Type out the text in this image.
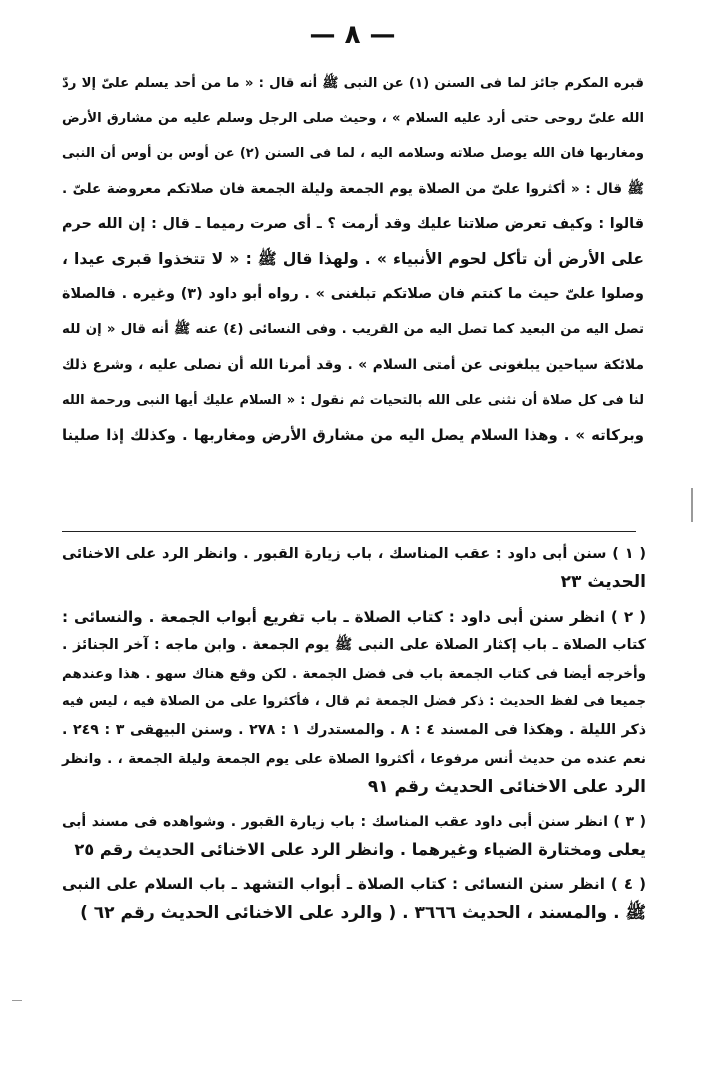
— ٨ —
قبره المكرم جائز لما فى السنن (١) عن النبى ﷺ أنه قال : « ما من أحد يسلم علىّ إلا ردّ
الله علىّ روحى حتى أرد عليه السلام » ، وحيث صلى الرجل وسلم عليه من مشارق الأرض
ومغاربها فان الله يوصل صلاته وسلامه اليه ، لما فى السنن (٢) عن أوس بن أوس أن النبى
ﷺ قال : « أكثروا علىّ من الصلاة يوم الجمعة وليلة الجمعة فان صلاتكم معروضة علىّ .
قالوا : وكيف تعرض صلاتنا عليك وقد أرمت ؟ ـ أى صرت رميما ـ قال : إن الله حرم
على الأرض أن تأكل لحوم الأنبياء » . ولهذا قال ﷺ : « لا تتخذوا قبرى عيدا ،
وصلوا علىّ حيث ما كنتم فان صلاتكم تبلغنى » . رواه أبو داود (٣) وغيره . فالصلاة
تصل اليه من البعيد كما تصل اليه من القريب . وفى النسائى (٤) عنه ﷺ أنه قال « إن لله
ملائكة سياحين يبلغونى عن أمتى السلام » . وقد أمرنا الله أن نصلى عليه ، وشرع ذلك
لنا فى كل صلاة أن نثنى على الله بالتحيات ثم نقول : « السلام عليك أيها النبى ورحمة الله
وبركاته » . وهذا السلام يصل اليه من مشارق الأرض ومغاربها . وكذلك إذا صلينا
( ١ ) سنن أبى داود : عقب المناسك ، باب زيارة القبور . وانظر الرد على الاخنائى
الحديث ٢٣
( ٢ ) انظر سنن أبى داود : كتاب الصلاة ـ باب تفريع أبواب الجمعة . والنسائى :
كتاب الصلاة ـ باب إكثار الصلاة على النبى ﷺ يوم الجمعة . وابن ماجه : آخر الجنائز .
وأخرجه أيضا فى كتاب الجمعة باب فى فضل الجمعة . لكن وقع هناك سهو . هذا وعندهم
جميعا فى لفظ الحديث : ذكر فضل الجمعة ثم قال ، فأكثروا على من الصلاة فيه ، ليس فيه
ذكر الليلة . وهكذا فى المسند ٤ : ٨ . والمستدرك ١ : ٢٧٨ . وسنن البيهقى ٣ : ٢٤٩ .
نعم عنده من حديث أنس مرفوعا ، أكثروا الصلاة على يوم الجمعة وليلة الجمعة ، . وانظر
الرد على الاخنائى الحديث رقم ٩١
( ٣ ) انظر سنن أبى داود عقب المناسك : باب زيارة القبور . وشواهده فى مسند أبى
يعلى ومختارة الضياء وغيرهما . وانظر الرد على الاخنائى الحديث رقم ٢٥
( ٤ ) انظر سنن النسائى : كتاب الصلاة ـ أبواب التشهد ـ باب السلام على النبى
ﷺ . والمسند ، الحديث ٣٦٦٦ . ( والرد على الاخنائى الحديث رقم ٦٢ )
